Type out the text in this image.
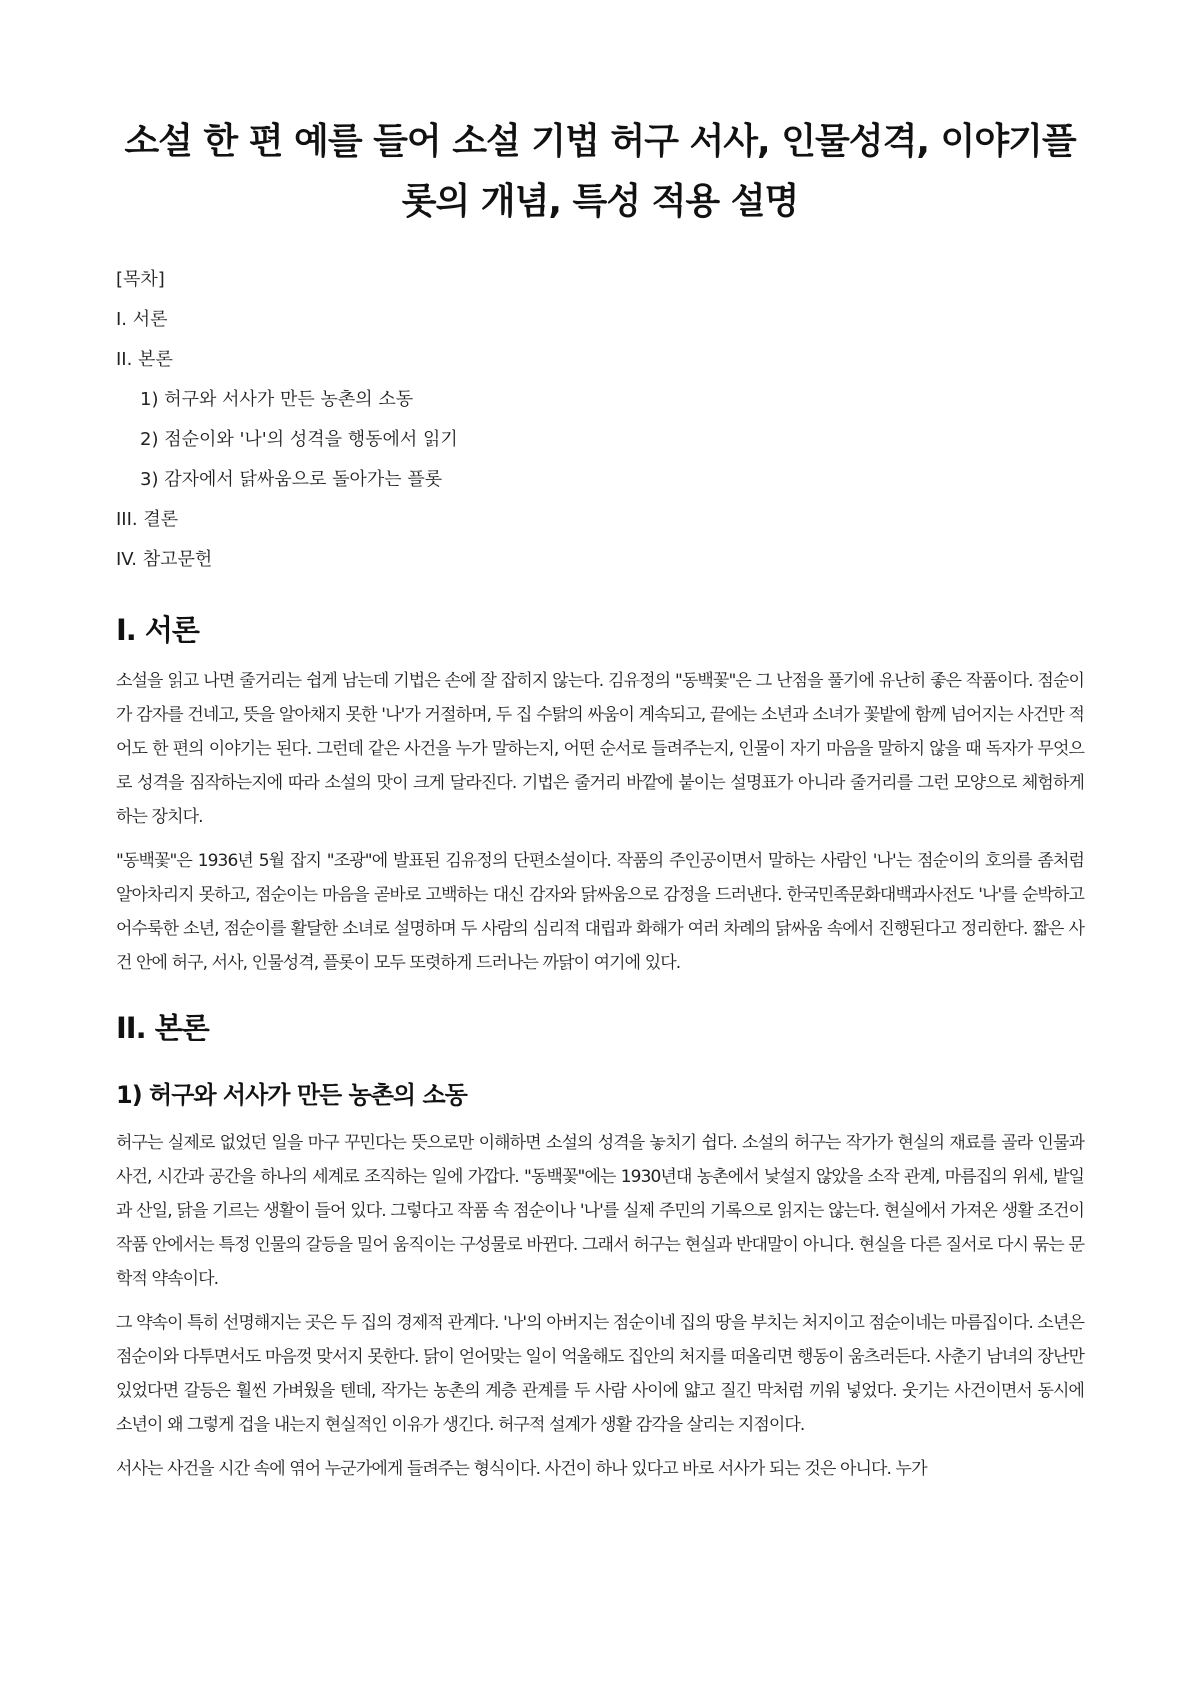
소설 한 편 예를 들어 소설 기법 허구 서사, 인물성격, 이야기플롯의 개념, 특성 적용 설명
[목차]
I. 서론
II. 본론
1) 허구와 서사가 만든 농촌의 소동
2) 점순이와 '나'의 성격을 행동에서 읽기
3) 감자에서 닭싸움으로 돌아가는 플롯
III. 결론
IV. 참고문헌
I. 서론

소설을 읽고 나면 줄거리는 쉽게 남는데 기법은 손에 잘 잡히지 않는다. 김유정의 "동백꽃"은 그 난점을 풀기에 유난히 좋은 작품이다. 점순이가 감자를 건네고, 뜻을 알아채지 못한 '나'가 거절하며, 두 집 수탉의 싸움이 계속되고, 끝에는 소년과 소녀가 꽃밭에 함께 넘어지는 사건만 적어도 한 편의 이야기는 된다. 그런데 같은 사건을 누가 말하는지, 어떤 순서로 들려주는지, 인물이 자기 마음을 말하지 않을 때 독자가 무엇으로 성격을 짐작하는지에 따라 소설의 맛이 크게 달라진다. 기법은 줄거리 바깥에 붙이는 설명표가 아니라 줄거리를 그런 모양으로 체험하게 하는 장치다.

"동백꽃"은 1936년 5월 잡지 "조광"에 발표된 김유정의 단편소설이다. 작품의 주인공이면서 말하는 사람인 '나'는 점순이의 호의를 좀처럼 알아차리지 못하고, 점순이는 마음을 곧바로 고백하는 대신 감자와 닭싸움으로 감정을 드러낸다. 한국민족문화대백과사전도 '나'를 순박하고 어수룩한 소년, 점순이를 활달한 소녀로 설명하며 두 사람의 심리적 대립과 화해가 여러 차례의 닭싸움 속에서 진행된다고 정리한다. 짧은 사건 안에 허구, 서사, 인물성격, 플롯이 모두 또렷하게 드러나는 까닭이 여기에 있다.

II. 본론
1) 허구와 서사가 만든 농촌의 소동

허구는 실제로 없었던 일을 마구 꾸민다는 뜻으로만 이해하면 소설의 성격을 놓치기 쉽다. 소설의 허구는 작가가 현실의 재료를 골라 인물과 사건, 시간과 공간을 하나의 세계로 조직하는 일에 가깝다. "동백꽃"에는 1930년대 농촌에서 낯설지 않았을 소작 관계, 마름집의 위세, 밭일과 산일, 닭을 기르는 생활이 들어 있다. 그렇다고 작품 속 점순이나 '나'를 실제 주민의 기록으로 읽지는 않는다. 현실에서 가져온 생활 조건이 작품 안에서는 특정 인물의 갈등을 밀어 움직이는 구성물로 바뀐다. 그래서 허구는 현실과 반대말이 아니다. 현실을 다른 질서로 다시 묶는 문학적 약속이다.

그 약속이 특히 선명해지는 곳은 두 집의 경제적 관계다. '나'의 아버지는 점순이네 집의 땅을 부치는 처지이고 점순이네는 마름집이다. 소년은 점순이와 다투면서도 마음껏 맞서지 못한다. 닭이 얻어맞는 일이 억울해도 집안의 처지를 떠올리면 행동이 움츠러든다. 사춘기 남녀의 장난만 있었다면 갈등은 훨씬 가벼웠을 텐데, 작가는 농촌의 계층 관계를 두 사람 사이에 얇고 질긴 막처럼 끼워 넣었다. 웃기는 사건이면서 동시에 소년이 왜 그렇게 겁을 내는지 현실적인 이유가 생긴다. 허구적 설계가 생활 감각을 살리는 지점이다.

서사는 사건을 시간 속에 엮어 누군가에게 들려주는 형식이다. 사건이 하나 있다고 바로 서사가 되는 것은 아니다. 누가
